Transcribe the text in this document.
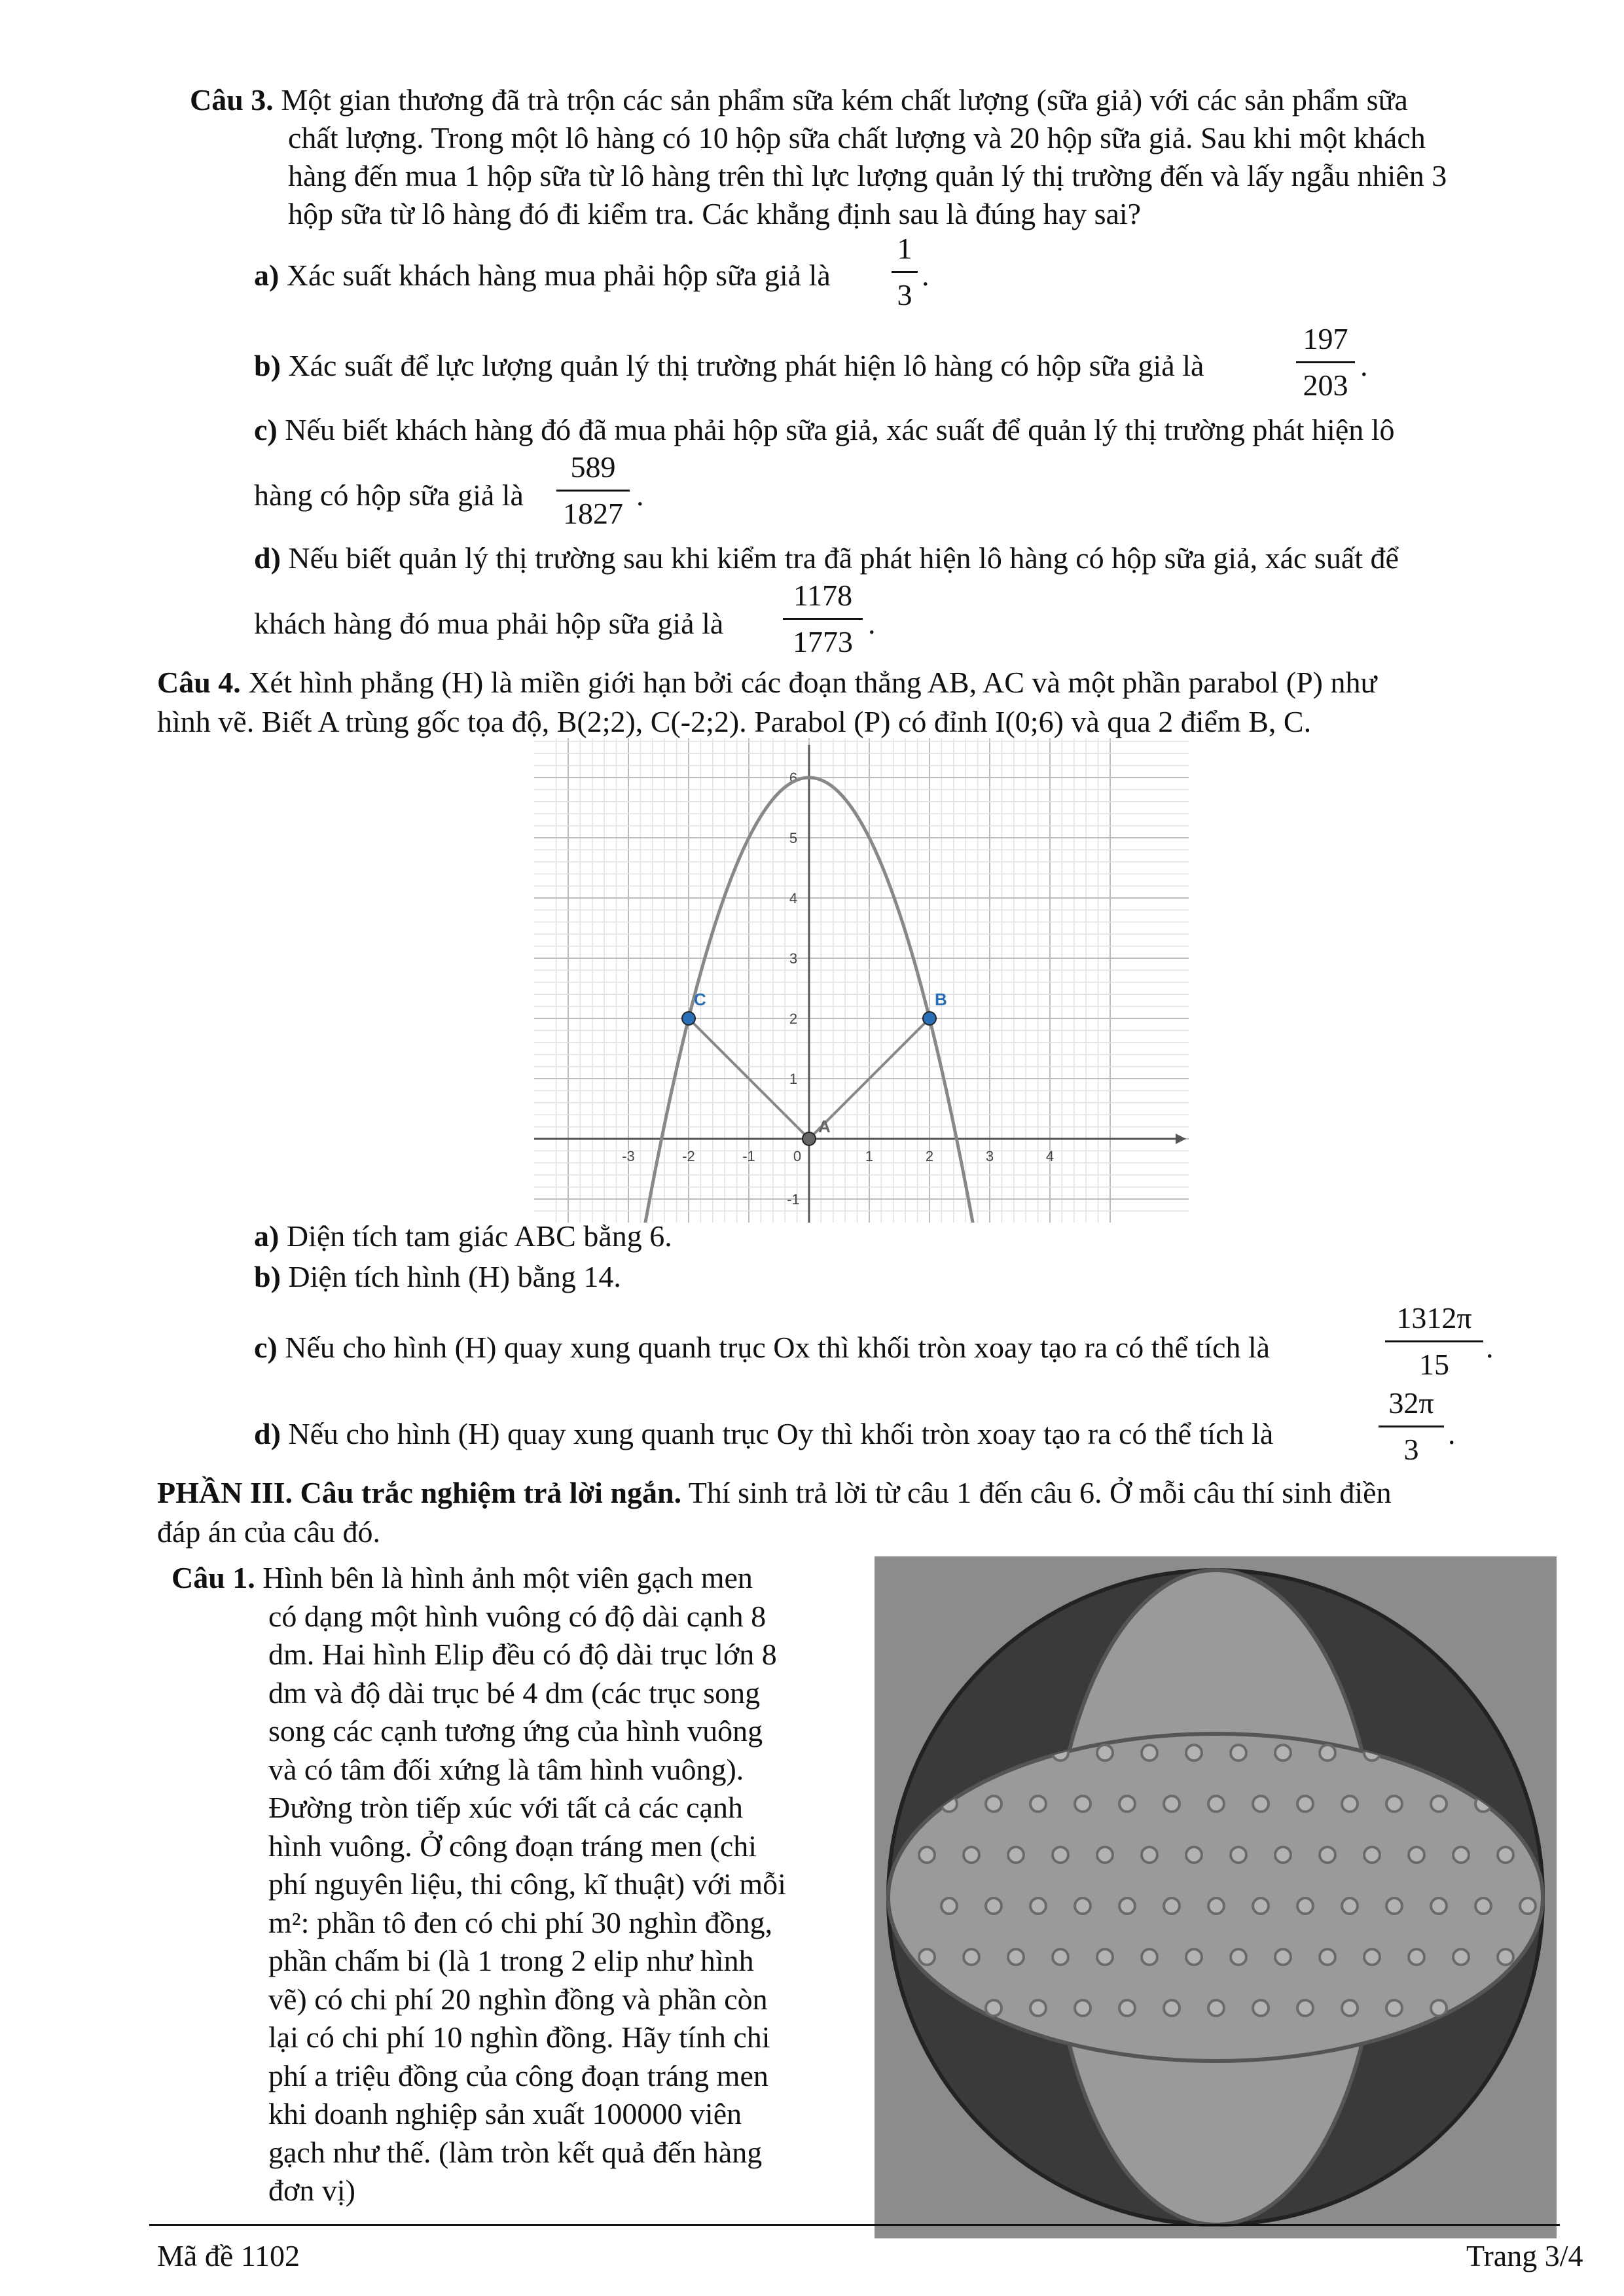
Câu 3. Một gian thương đã trà trộn các sản phẩm sữa kém chất lượng (sữa giả) với các sản phẩm sữa
chất lượng. Trong một lô hàng có 10 hộp sữa chất lượng và 20 hộp sữa giả. Sau khi một khách
hàng đến mua 1 hộp sữa từ lô hàng trên thì lực lượng quản lý thị trường đến và lấy ngẫu nhiên 3
hộp sữa từ lô hàng đó đi kiểm tra. Các khẳng định sau là đúng hay sai?
a) Xác suất khách hàng mua phải hộp sữa giả là
1
3
.
b) Xác suất để lực lượng quản lý thị trường phát hiện lô hàng có hộp sữa giả là
197
203
.
c) Nếu biết khách hàng đó đã mua phải hộp sữa giả, xác suất để quản lý thị trường phát hiện lô
hàng có hộp sữa giả là
589
1827
.
d) Nếu biết quản lý thị trường sau khi kiểm tra đã phát hiện lô hàng có hộp sữa giả, xác suất để
khách hàng đó mua phải hộp sữa giả là
1178
1773
.
Câu 4. Xét hình phẳng (H) là miền giới hạn bởi các đoạn thẳng AB, AC và một phần parabol (P) như
hình vẽ. Biết A trùng gốc tọa độ, B(2;2), C(-2;2). Parabol (P) có đỉnh I(0;6) và qua 2 điểm B, C.
-3	-2	-1	0	1	2	3	4
6
5
4
3
2
1
-1
C	B
A
a) Diện tích tam giác ABC bằng 6.
b) Diện tích hình (H) bằng 14.
c) Nếu cho hình (H) quay xung quanh trục Ox thì khối tròn xoay tạo ra có thể tích là
1312π
15
.
d) Nếu cho hình (H) quay xung quanh trục Oy thì khối tròn xoay tạo ra có thể tích là
32π
3 .
PHẦN III. Câu trắc nghiệm trả lời ngắn. Thí sinh trả lời từ câu 1 đến câu 6. Ở mỗi câu thí sinh điền
đáp án của câu đó.
Câu 1. Hình bên là hình ảnh một viên gạch men
có dạng một hình vuông có độ dài cạnh 8
dm. Hai hình Elip đều có độ dài trục lớn 8
dm và độ dài trục bé 4 dm (các trục song
song các cạnh tương ứng của hình vuông
và có tâm đối xứng là tâm hình vuông).
Đường tròn tiếp xúc với tất cả các cạnh
hình vuông. Ở công đoạn tráng men (chi
phí nguyên liệu, thi công, kĩ thuật) với mỗi
m²: phần tô đen có chi phí 30 nghìn đồng,
phần chấm bi (là 1 trong 2 elip như hình
vẽ) có chi phí 20 nghìn đồng và phần còn
lại có chi phí 10 nghìn đồng. Hãy tính chi
phí a triệu đồng của công đoạn tráng men
khi doanh nghiệp sản xuất 100000 viên
gạch như thế. (làm tròn kết quả đến hàng
đơn vị)
Mã đề 1102	Trang 3/4
